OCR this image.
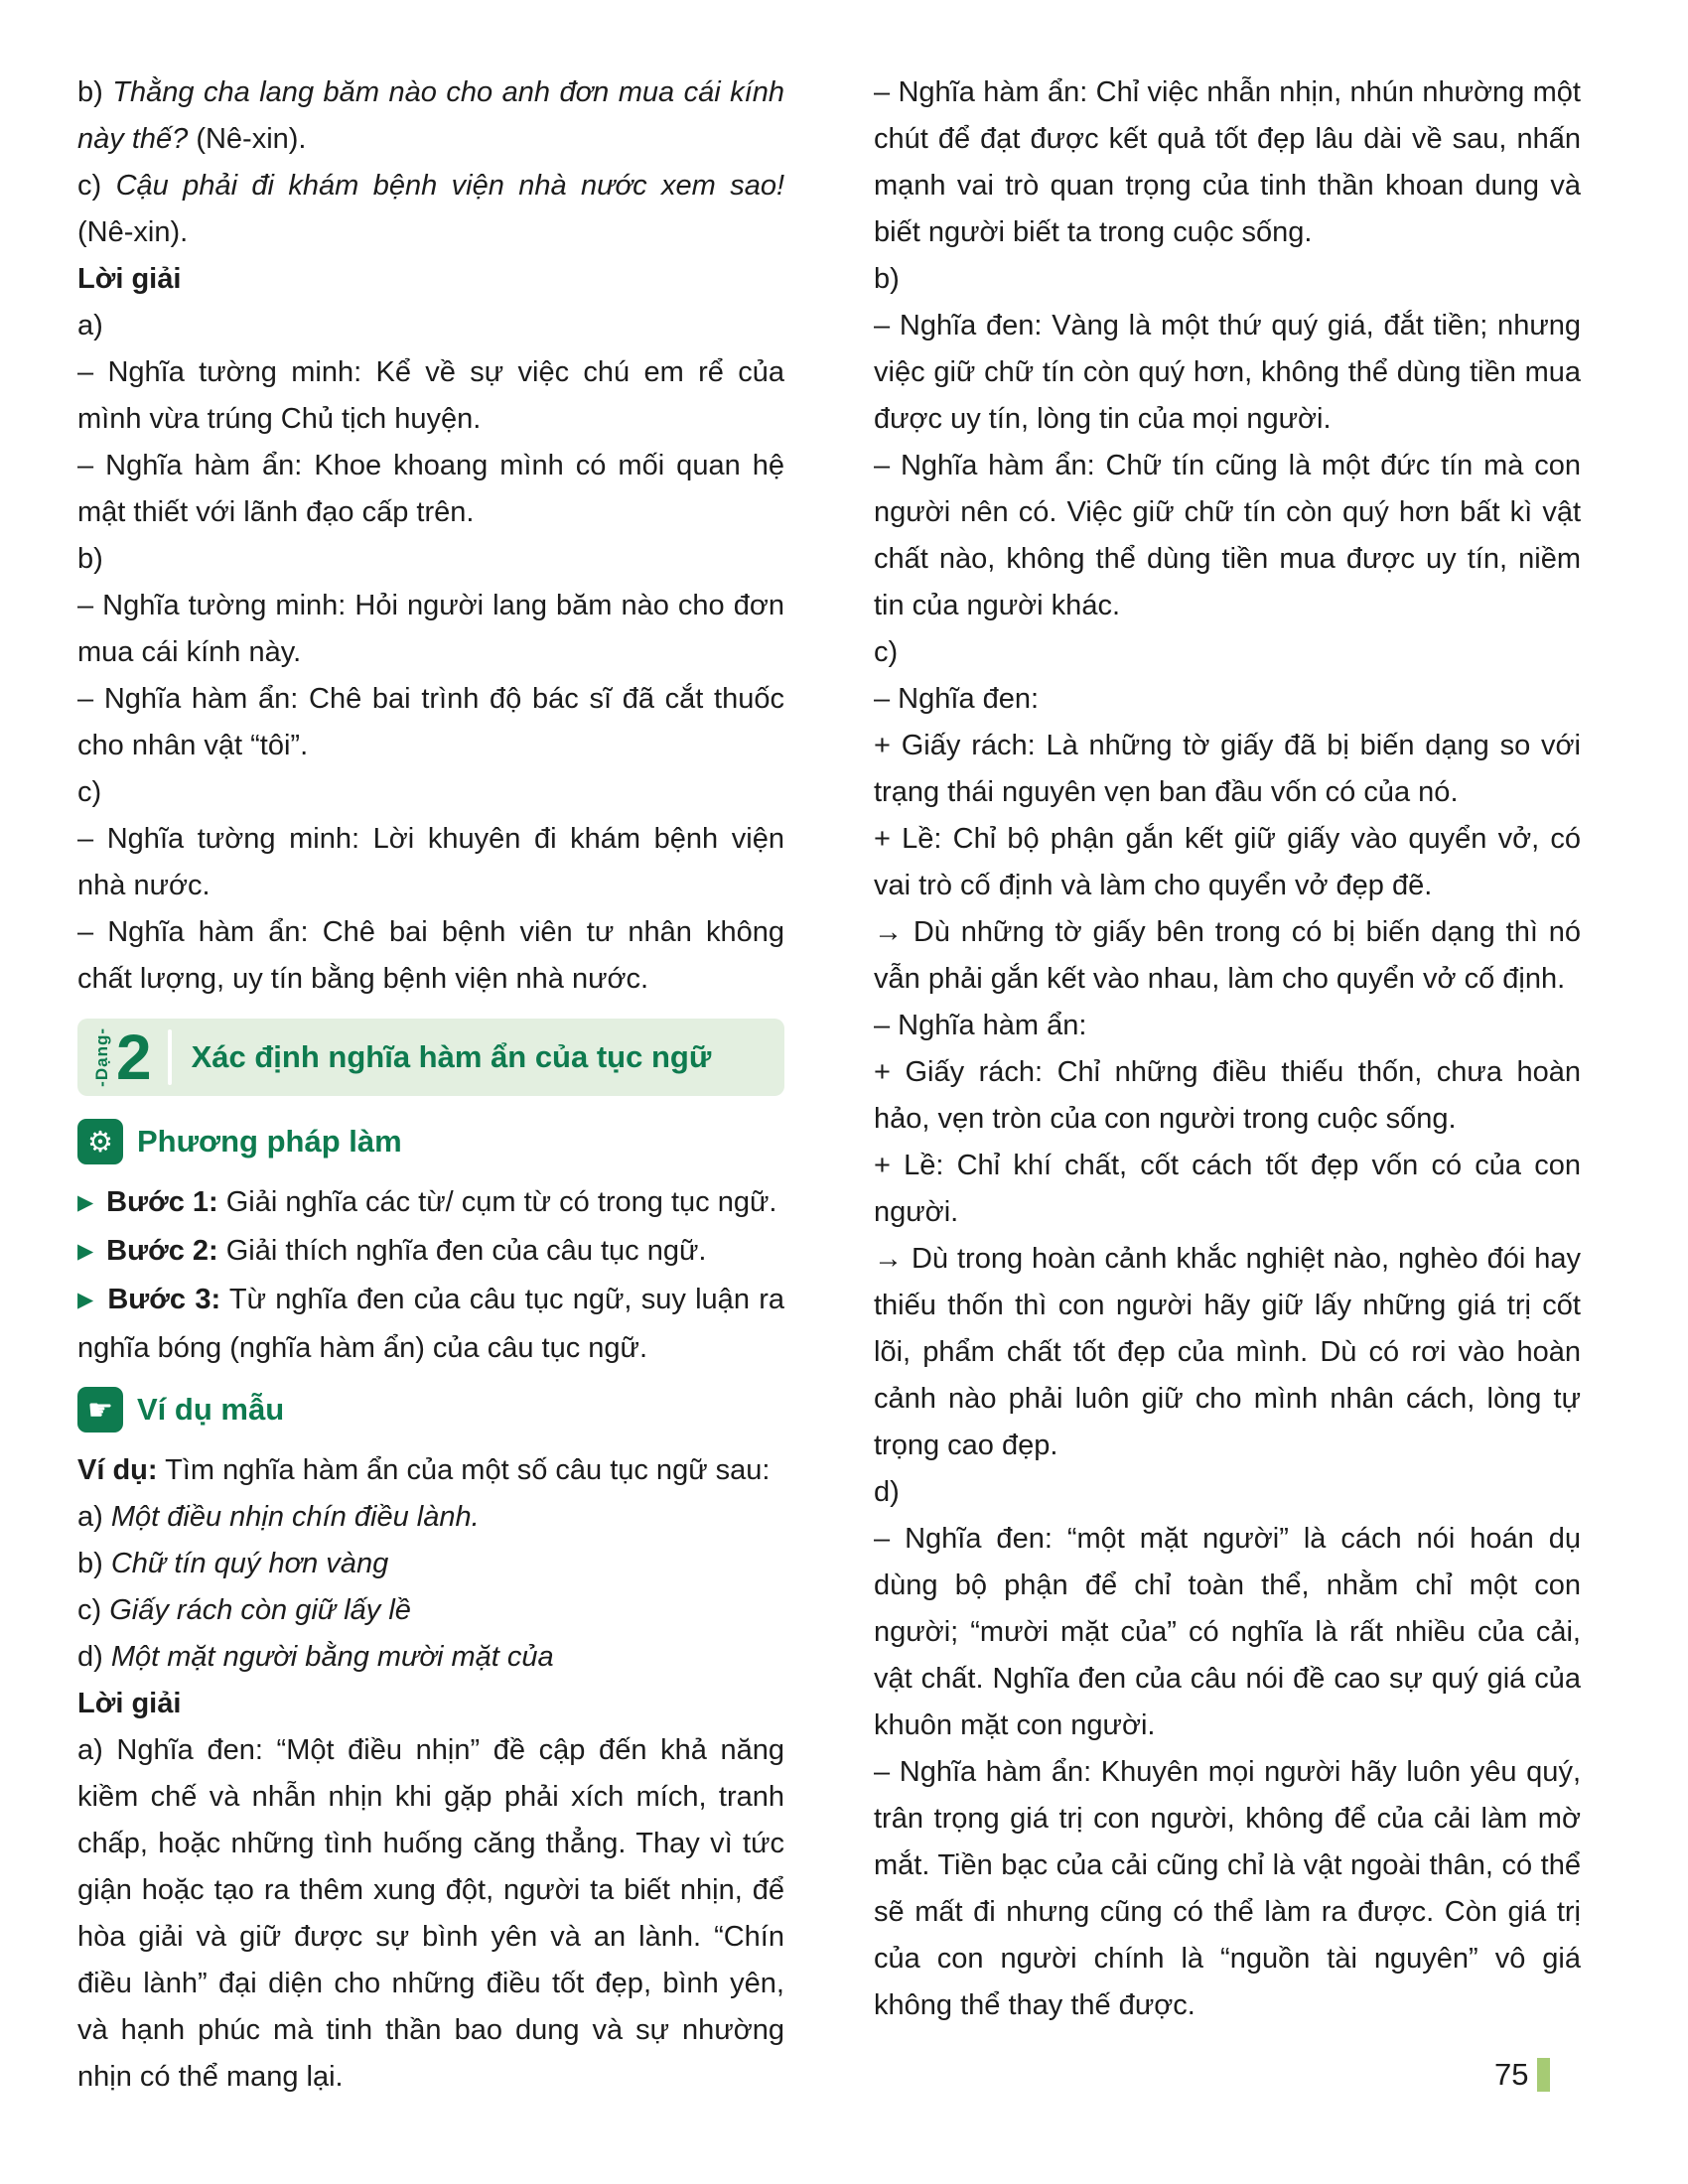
b) Thằng cha lang băm nào cho anh đơn mua cái kính này thế? (Nê-xin).

c) Cậu phải đi khám bệnh viện nhà nước xem sao! (Nê-xin).

Lời giải

a)

– Nghĩa tường minh: Kể về sự việc chú em rể của mình vừa trúng Chủ tịch huyện.

– Nghĩa hàm ẩn: Khoe khoang mình có mối quan hệ mật thiết với lãnh đạo cấp trên.

b)

– Nghĩa tường minh: Hỏi người lang băm nào cho đơn mua cái kính này.

– Nghĩa hàm ẩn: Chê bai trình độ bác sĩ đã cắt thuốc cho nhân vật “tôi”.

c)

– Nghĩa tường minh: Lời khuyên đi khám bệnh viện nhà nước.

– Nghĩa hàm ẩn: Chê bai bệnh viên tư nhân không chất lượng, uy tín bằng bệnh viện nhà nước.

-Dạng- 2 Xác định nghĩa hàm ẩn của tục ngữ
⚙ Phương pháp làm

▶ Bước 1: Giải nghĩa các từ/ cụm từ có trong tục ngữ.

▶ Bước 2: Giải thích nghĩa đen của câu tục ngữ.

▶ Bước 3: Từ nghĩa đen của câu tục ngữ, suy luận ra nghĩa bóng (nghĩa hàm ẩn) của câu tục ngữ.

☛ Ví dụ mẫu

Ví dụ: Tìm nghĩa hàm ẩn của một số câu tục ngữ sau:

a) Một điều nhịn chín điều lành.

b) Chữ tín quý hơn vàng

c) Giấy rách còn giữ lấy lề

d) Một mặt người bằng mười mặt của

Lời giải

a) Nghĩa đen: “Một điều nhịn” đề cập đến khả năng kiềm chế và nhẫn nhịn khi gặp phải xích mích, tranh chấp, hoặc những tình huống căng thẳng. Thay vì tức giận hoặc tạo ra thêm xung đột, người ta biết nhịn, để hòa giải và giữ được sự bình yên và an lành. “Chín điều lành” đại diện cho những điều tốt đẹp, bình yên, và hạnh phúc mà tinh thần bao dung và sự nhường nhịn có thể mang lại.

– Nghĩa hàm ẩn: Chỉ việc nhẫn nhịn, nhún nhường một chút để đạt được kết quả tốt đẹp lâu dài về sau, nhấn mạnh vai trò quan trọng của tinh thần khoan dung và biết người biết ta trong cuộc sống.

b)

– Nghĩa đen: Vàng là một thứ quý giá, đắt tiền; nhưng việc giữ chữ tín còn quý hơn, không thể dùng tiền mua được uy tín, lòng tin của mọi người.

– Nghĩa hàm ẩn: Chữ tín cũng là một đức tín mà con người nên có. Việc giữ chữ tín còn quý hơn bất kì vật chất nào, không thể dùng tiền mua được uy tín, niềm tin của người khác.

c)

– Nghĩa đen:

+ Giấy rách: Là những tờ giấy đã bị biến dạng so với trạng thái nguyên vẹn ban đầu vốn có của nó.

+ Lề: Chỉ bộ phận gắn kết giữ giấy vào quyển vở, có vai trò cố định và làm cho quyển vở đẹp đẽ.

→ Dù những tờ giấy bên trong có bị biến dạng thì nó vẫn phải gắn kết vào nhau, làm cho quyển vở cố định.

– Nghĩa hàm ẩn:

+ Giấy rách: Chỉ những điều thiếu thốn, chưa hoàn hảo, vẹn tròn của con người trong cuộc sống.

+ Lề: Chỉ khí chất, cốt cách tốt đẹp vốn có của con người.

→ Dù trong hoàn cảnh khắc nghiệt nào, nghèo đói hay thiếu thốn thì con người hãy giữ lấy những giá trị cốt lõi, phẩm chất tốt đẹp của mình. Dù có rơi vào hoàn cảnh nào phải luôn giữ cho mình nhân cách, lòng tự trọng cao đẹp.

d)

– Nghĩa đen: “một mặt người” là cách nói hoán dụ dùng bộ phận để chỉ toàn thể, nhằm chỉ một con người; “mười mặt của” có nghĩa là rất nhiều của cải, vật chất. Nghĩa đen của câu nói đề cao sự quý giá của khuôn mặt con người.

– Nghĩa hàm ẩn: Khuyên mọi người hãy luôn yêu quý, trân trọng giá trị con người, không để của cải làm mờ mắt. Tiền bạc của cải cũng chỉ là vật ngoài thân, có thể sẽ mất đi nhưng cũng có thể làm ra được. Còn giá trị của con người chính là “nguồn tài nguyên” vô giá không thể thay thế được.

75
